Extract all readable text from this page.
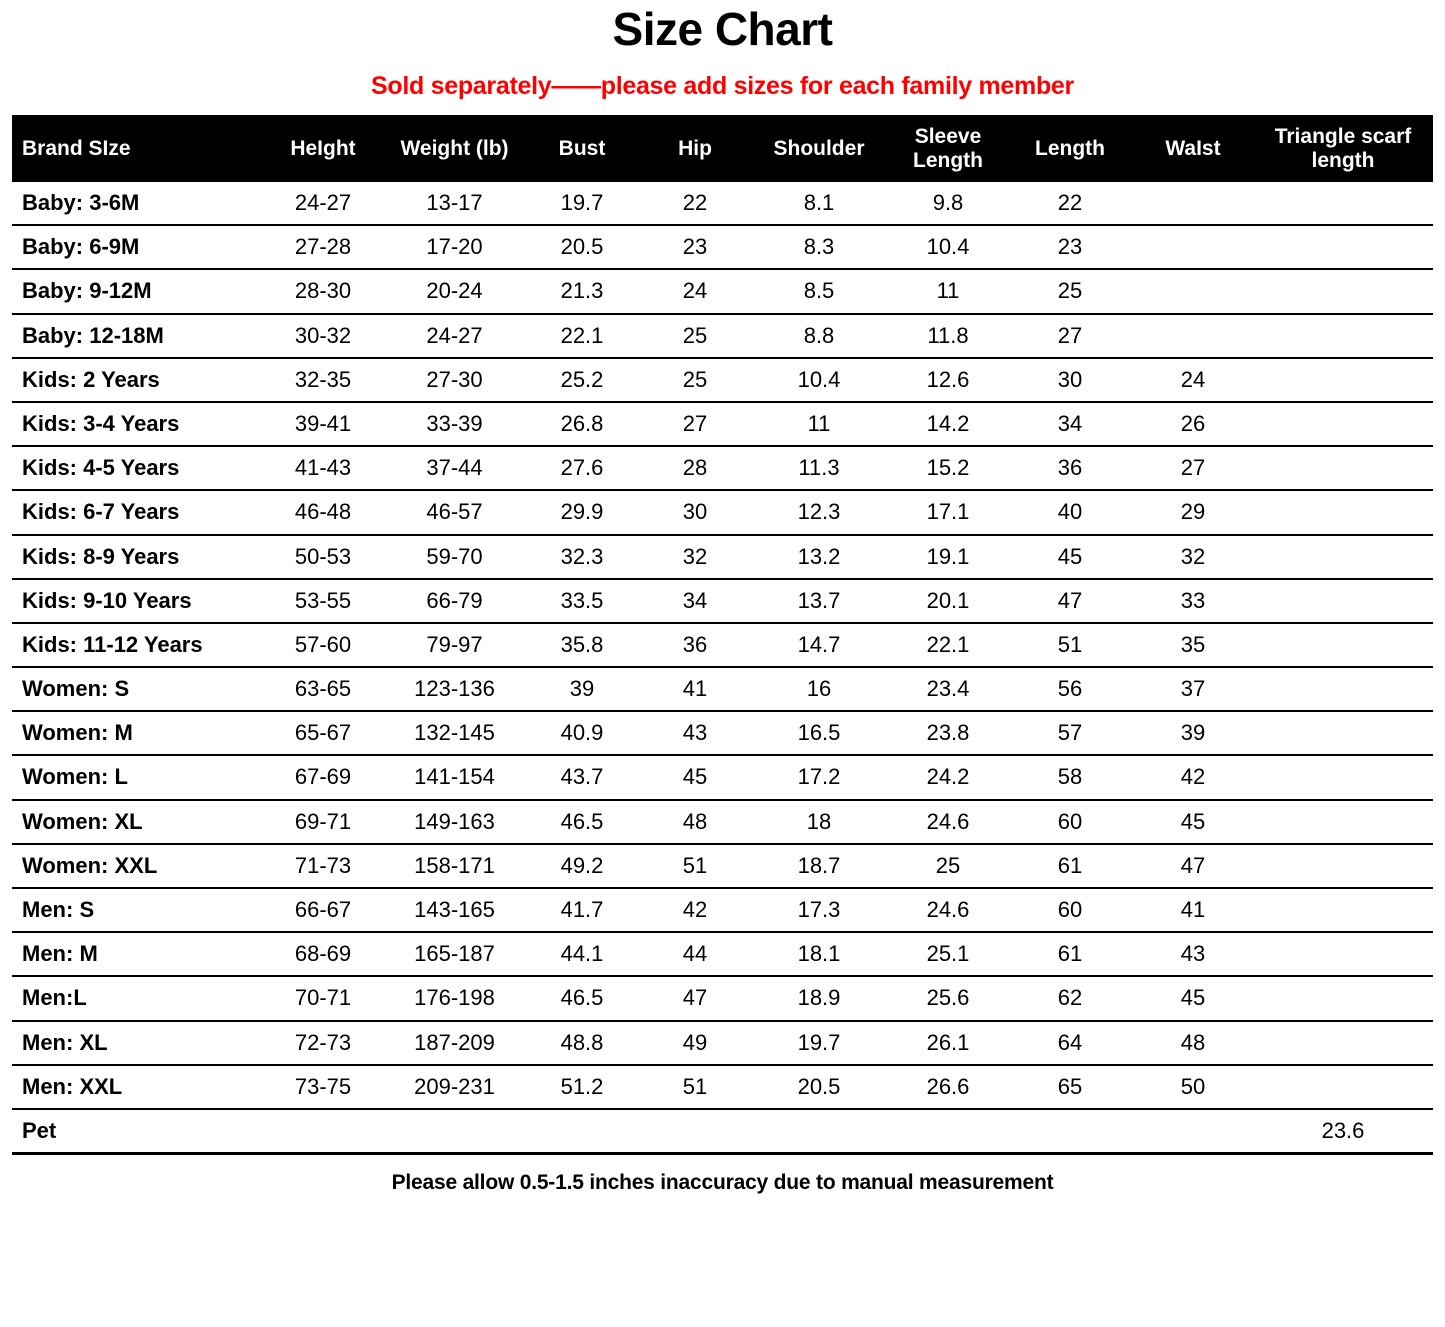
Size Chart
Sold separately——please add sizes for each family member
Brand SIze	HeIght	Weight (lb)	Bust	Hip	Shoulder	Sleeve Length	Length	WaIst	Triangle scarf length
Baby: 3-6M	24-27	13-17	19.7	22	8.1	9.8	22		
Baby: 6-9M	27-28	17-20	20.5	23	8.3	10.4	23		
Baby: 9-12M	28-30	20-24	21.3	24	8.5	11	25		
Baby: 12-18M	30-32	24-27	22.1	25	8.8	11.8	27		
Kids: 2 Years	32-35	27-30	25.2	25	10.4	12.6	30	24	
Kids: 3-4 Years	39-41	33-39	26.8	27	11	14.2	34	26	
Kids: 4-5 Years	41-43	37-44	27.6	28	11.3	15.2	36	27	
Kids: 6-7 Years	46-48	46-57	29.9	30	12.3	17.1	40	29	
Kids: 8-9 Years	50-53	59-70	32.3	32	13.2	19.1	45	32	
Kids: 9-10 Years	53-55	66-79	33.5	34	13.7	20.1	47	33	
Kids: 11-12 Years	57-60	79-97	35.8	36	14.7	22.1	51	35	
Women: S	63-65	123-136	39	41	16	23.4	56	37	
Women: M	65-67	132-145	40.9	43	16.5	23.8	57	39	
Women: L	67-69	141-154	43.7	45	17.2	24.2	58	42	
Women: XL	69-71	149-163	46.5	48	18	24.6	60	45	
Women: XXL	71-73	158-171	49.2	51	18.7	25	61	47	
Men: S	66-67	143-165	41.7	42	17.3	24.6	60	41	
Men: M	68-69	165-187	44.1	44	18.1	25.1	61	43	
Men:L	70-71	176-198	46.5	47	18.9	25.6	62	45	
Men: XL	72-73	187-209	48.8	49	19.7	26.1	64	48	
Men: XXL	73-75	209-231	51.2	51	20.5	26.6	65	50	
Pet									23.6
Please allow 0.5-1.5 inches inaccuracy due to manual measurement
